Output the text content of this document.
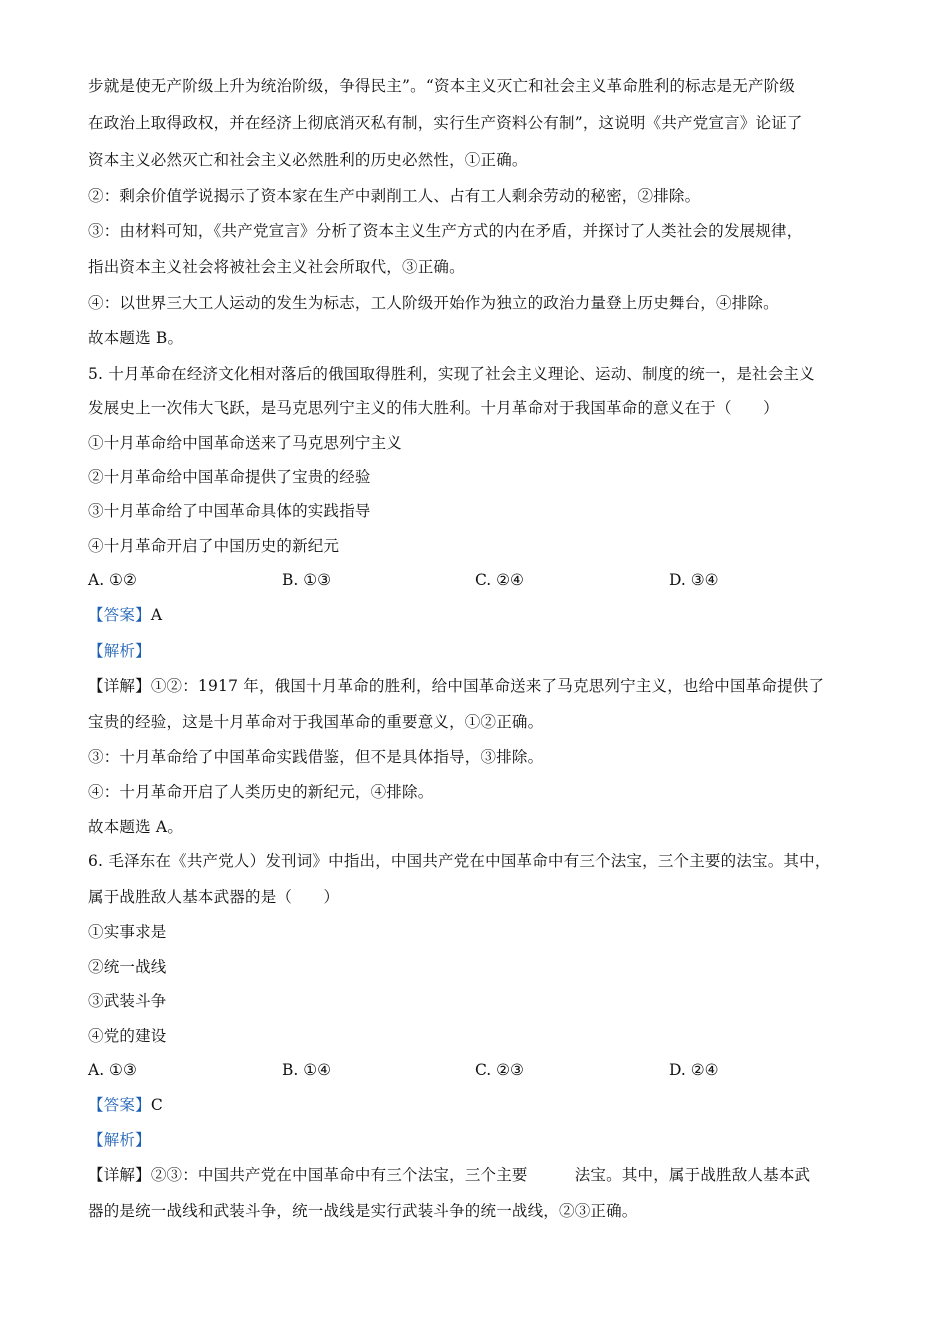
步就是使无产阶级上升为统治阶级，争得民主”。“资本主义灭亡和社会主义革命胜利的标志是无产阶级
在政治上取得政权，并在经济上彻底消灭私有制，实行生产资料公有制”，这说明《共产党宣言》论证了
资本主义必然灭亡和社会主义必然胜利的历史必然性，①正确。
②：剩余价值学说揭示了资本家在生产中剥削工人、占有工人剩余劳动的秘密，②排除。
③：由材料可知，《共产党宣言》分析了资本主义生产方式的内在矛盾，并探讨了人类社会的发展规律，
指出资本主义社会将被社会主义社会所取代，③正确。
④：以世界三大工人运动的发生为标志，工人阶级开始作为独立的政治力量登上历史舞台，④排除。
故本题选 B。
5. 十月革命在经济文化相对落后的俄国取得胜利，实现了社会主义理论、运动、制度的统一，是社会主义
发展史上一次伟大飞跃，是马克思列宁主义的伟大胜利。十月革命对于我国革命的意义在于（　　）
①十月革命给中国革命送来了马克思列宁主义
②十月革命给中国革命提供了宝贵的经验
③十月革命给了中国革命具体的实践指导
④十月革命开启了中国历史的新纪元
A. ①②	B. ①③	C. ②④	D. ③④
【答案】A
【解析】
【详解】①②：1917 年，俄国十月革命的胜利，给中国革命送来了马克思列宁主义，也给中国革命提供了
宝贵的经验，这是十月革命对于我国革命的重要意义，①②正确。
③：十月革命给了中国革命实践借鉴，但不是具体指导，③排除。
④：十月革命开启了人类历史的新纪元，④排除。
故本题选 A。
6. 毛泽东在《共产党人）发刊词》中指出，中国共产党在中国革命中有三个法宝，三个主要的法宝。其中，
属于战胜敌人基本武器的是（　　）
①实事求是
②统一战线
③武装斗争
④党的建设
A. ①③	B. ①④	C. ②③	D. ②④
【答案】C
【解析】
【详解】②③：中国共产党在中国革命中有三个法宝，三个主要　　　法宝。其中，属于战胜敌人基本武
器的是统一战线和武装斗争，统一战线是实行武装斗争的统一战线，②③正确。
